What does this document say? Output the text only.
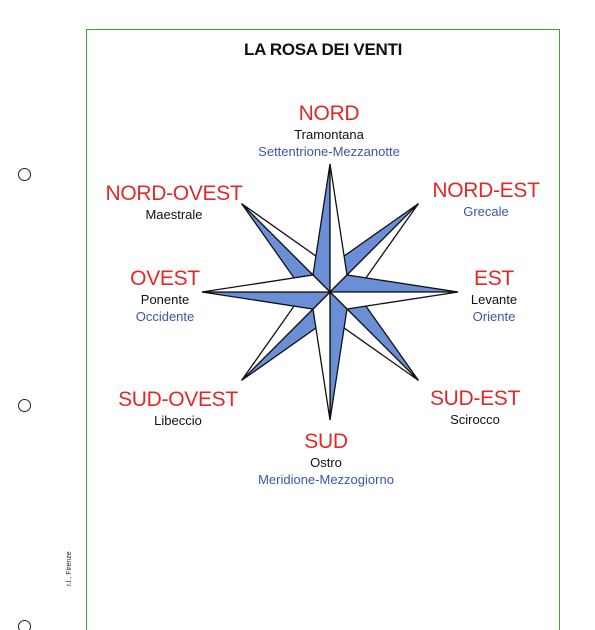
r.l., Firenze
LA ROSA DEI VENTI
NORD
Tramontana
Settentrione-Mezzanotte
NORD-EST
Grecale
NORD-OVEST
Maestrale
OVEST
Ponente
Occidente
EST
Levante
Oriente
SUD-OVEST
Libeccio
SUD-EST
Scirocco
SUD
Ostro
Meridione-Mezzogiorno
